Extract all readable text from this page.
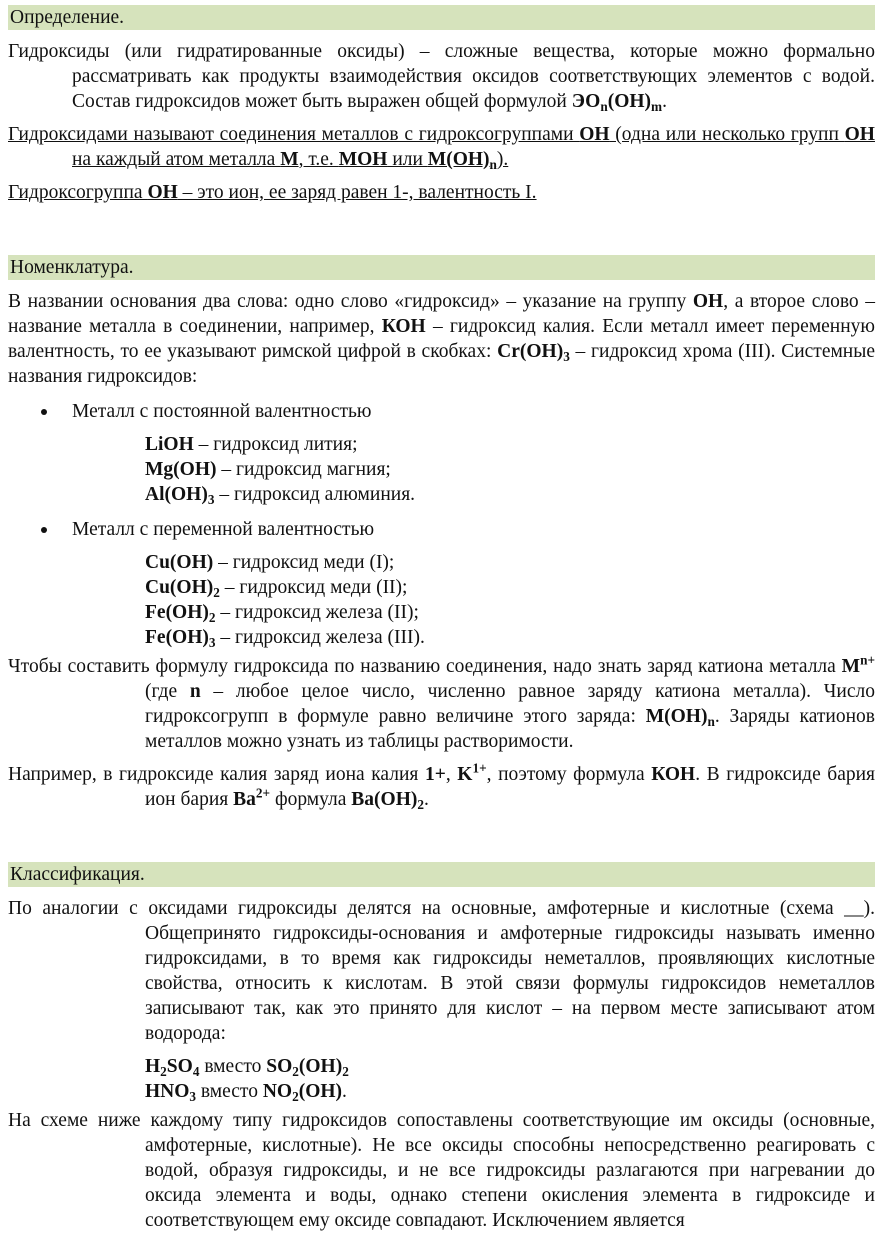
Определение.
Гидроксиды (или гидратированные оксиды) – сложные вещества, которые можно формально рассматривать как продукты взаимодействия оксидов соответствующих элементов с водой. Состав гидроксидов может быть выражен общей формулой $ЭО_n(ОН)_m$.
Гидроксидами называют соединения металлов с гидроксогруппами ОН (одна или несколько групп ОН на каждый атом металла М, т.е. МОН или $М(ОН)_n$).
Гидроксогруппа ОН – это ион, ее заряд равен 1-, валентность I.
Номенклатура.
В названии основания два слова: одно слово «гидроксид» – указание на группу ОН, а второе слово – название металла в соединении, например, КОН – гидроксид калия. Если металл имеет переменную валентность, то ее указывают римской цифрой в скобках: $Cr(OH)_3$ – гидроксид хрома (III). Системные названия гидроксидов:
Металл с постоянной валентностью
LiOH – гидроксид лития;
Mg(OH) – гидроксид магния;
$Al(OH)_3$ – гидроксид алюминия.
Металл с переменной валентностью
Cu(OH) – гидроксид меди (I);
$Cu(OH)_2$ – гидроксид меди (II);
$Fe(OH)_2$ – гидроксид железа (II);
$Fe(OH)_3$ – гидроксид железа (III).
Чтобы составить формулу гидроксида по названию соединения, надо знать заряд катиона металла $M^{n+}$ (где n – любое целое число, численно равное заряду катиона металла). Число гидроксогрупп в формуле равно величине этого заряда: $M(OH)_n$. Заряды катионов металлов можно узнать из таблицы растворимости.
Например, в гидроксиде калия заряд иона калия 1+, $K^{1+}$, поэтому формула КОН. В гидроксиде бария ион бария $Ba^{2+}$ формула $Ba(OH)_2$.
Классификация.
По аналогии с оксидами гидроксиды делятся на основные, амфотерные и кислотные (схема __). Общепринято гидроксиды-основания и амфотерные гидроксиды называть именно гидроксидами, в то время как гидроксиды неметаллов, проявляющих кислотные свойства, относить к кислотам. В этой связи формулы гидроксидов неметаллов записывают так, как это принято для кислот – на первом месте записывают атом водорода:
$H_2SO_4$ вместо $SO_2(OH)_2$
$HNO_3$ вместо $NO_2(OH)$.
На схеме ниже каждому типу гидроксидов сопоставлены соответствующие им оксиды (основные, амфотерные, кислотные). Не все оксиды способны непосредственно реагировать с водой, образуя гидроксиды, и не все гидроксиды разлагаются при нагревании до оксида элемента и воды, однако степени окисления элемента в гидроксиде и соответствующем ему оксиде совпадают. Исключением является
